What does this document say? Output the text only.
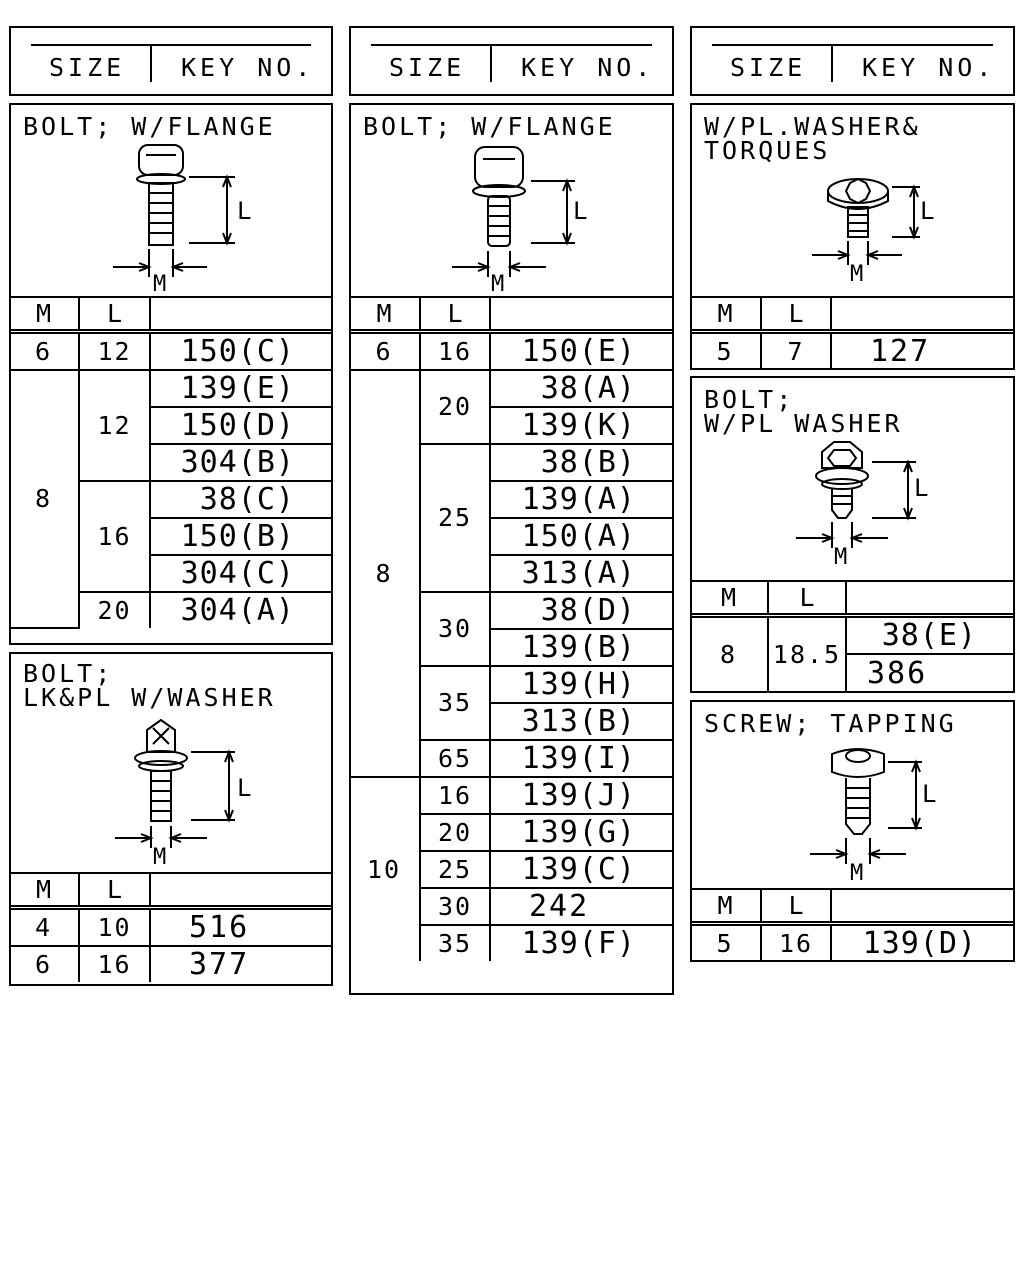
SIZE KEY NO.	SIZE KEY NO.	SIZE KEY NO.
BOLT; W/FLANGE
L
M
M	L	
6	12	150(C)
8	12	139(E)
		150(D)
		304(B)
	16	38(C)
		150(B)
		304(C)
	20	304(A)
BOLT;
LK&PL W/WASHER
L
M
M	L	
4	10	516
6	16	377
BOLT; W/FLANGE
L
M
M	L	
6	16	150(E)
8	20	38(A)
		139(K)
	25	38(B)
		139(A)
		150(A)
		313(A)
	30	38(D)
		139(B)
	35	139(H)
		313(B)
	65	139(I)
10	16	139(J)
	20	139(G)
	25	139(C)
	30	242
	35	139(F)
W/PL.WASHER&
TORQUES
L
M
M	L	
5	7	127
BOLT;
W/PL WASHER
L
M
M	L	
8	18.5	38(E)
		386
SCREW; TAPPING
L
M
M	L	
5	16	139(D)
